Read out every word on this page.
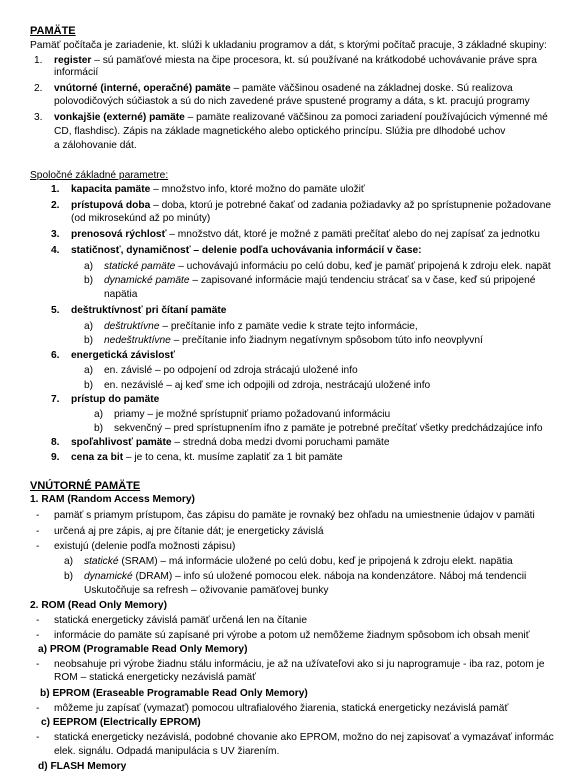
PAMÄTE
Pamäť počítača je zariadenie, kt. slúži k ukladaniu programov a dát, s ktorými počítač pracuje, 3 základné skupiny:
1. register – sú pamäťové miesta na čipe procesora, kt. sú používané na krátkodobé uchovávanie práve spra
informácií
2. vnútorné (interné, operačné) pamäte – pamäte väčšinou osadené na základnej doske. Sú realizova
polovodičových súčiastok a sú do nich zavedené práve spustené programy a dáta, s kt. pracujú programy
3. vonkajšie (externé) pamäte – pamäte realizované väčšinou za pomoci zariadení používajúcich výmenné mé
CD, flashdisc). Zápis na základe magnetického alebo optického princípu. Slúžia pre dlhodobé uchov
a zálohovanie dát.
Spoločné základné parametre:
1. kapacita pamäte – množstvo info, ktoré možno do pamäte uložiť
2. prístupová doba – doba, ktorú je potrebné čakať od zadania požiadavky až po sprístupnenie požadovane
(od mikrosekúnd až po minúty)
3. prenosová rýchlosť – množstvo dát, ktoré je možné z pamäti prečítať alebo do nej zapísať za jednotku
4. statičnosť, dynamičnosť – delenie podľa uchovávania informácií v čase:
a) statické pamäte – uchovávajú informáciu po celú dobu, keď je pamäť pripojená k zdroju elek. napät
b) dynamické pamäte – zapisované informácie majú tendenciu strácať sa v čase, keď sú pripojené
napätia
5. deštruktívnosť pri čítaní pamäte
a) deštruktívne – prečítanie info z pamäte vedie k strate tejto informácie,
b) nedeštruktívne – prečítanie info žiadnym negatívnym spôsobom túto info neovplyvní
6. energetická závislosť
a) en. závislé – po odpojení od zdroja strácajú uložené info
b) en. nezávislé – aj keď sme ich odpojili od zdroja, nestrácajú uložené info
7. prístup do pamäte
a) priamy – je možné sprístupniť priamo požadovanú informáciu
b) sekvenčný – pred sprístupnením ifno z pamäte je potrebné prečítať všetky predchádzajúce info
8. spoľahlivosť pamäte – stredná doba medzi dvomi poruchami pamäte
9. cena za bit – je to cena, kt. musíme zaplatiť za 1 bit pamäte
VNÚTORNÉ PAMÄTE
1. RAM (Random Access Memory)
- pamäť s priamym prístupom, čas zápisu do pamäte je rovnaký bez ohľadu na umiestnenie údajov v pamäti
- určená aj pre zápis, aj pre čítanie dát; je energeticky závislá
- existujú (delenie podľa možnosti zápisu)
a) statické (SRAM) – má informácie uložené po celú dobu, keď je pripojená k zdroju elekt. napätia
b) dynamické (DRAM) – info sú uložené pomocou elek. náboja na kondenzátore. Náboj má tendencii
Uskutočňuje sa refresh – oživovanie pamäťovej bunky
2. ROM (Read Only Memory)
- statická energeticky závislá pamäť určená len na čítanie
- informácie do pamäte sú zapísané pri výrobe a potom už nemôžeme žiadnym spôsobom ich obsah meniť
a) PROM (Programable Read Only Memory)
- neobsahuje pri výrobe žiadnu stálu informáciu, je až na užívateľovi ako si ju naprogramuje - iba raz, potom je
ROM – statická energeticky nezávislá pamäť
b) EPROM (Eraseable Programable Read Only Memory)
- môžeme ju zapísať (vymazať) pomocou ultrafialového žiarenia, statická energeticky nezávislá pamäť
c) EEPROM (Electrically EPROM)
- statická energeticky nezávislá, podobné chovanie ako EPROM, možno do nej zapisovať a vymazávať informác
elek. signálu. Odpadá manipulácia s UV žiarením.
d) FLASH Memory
